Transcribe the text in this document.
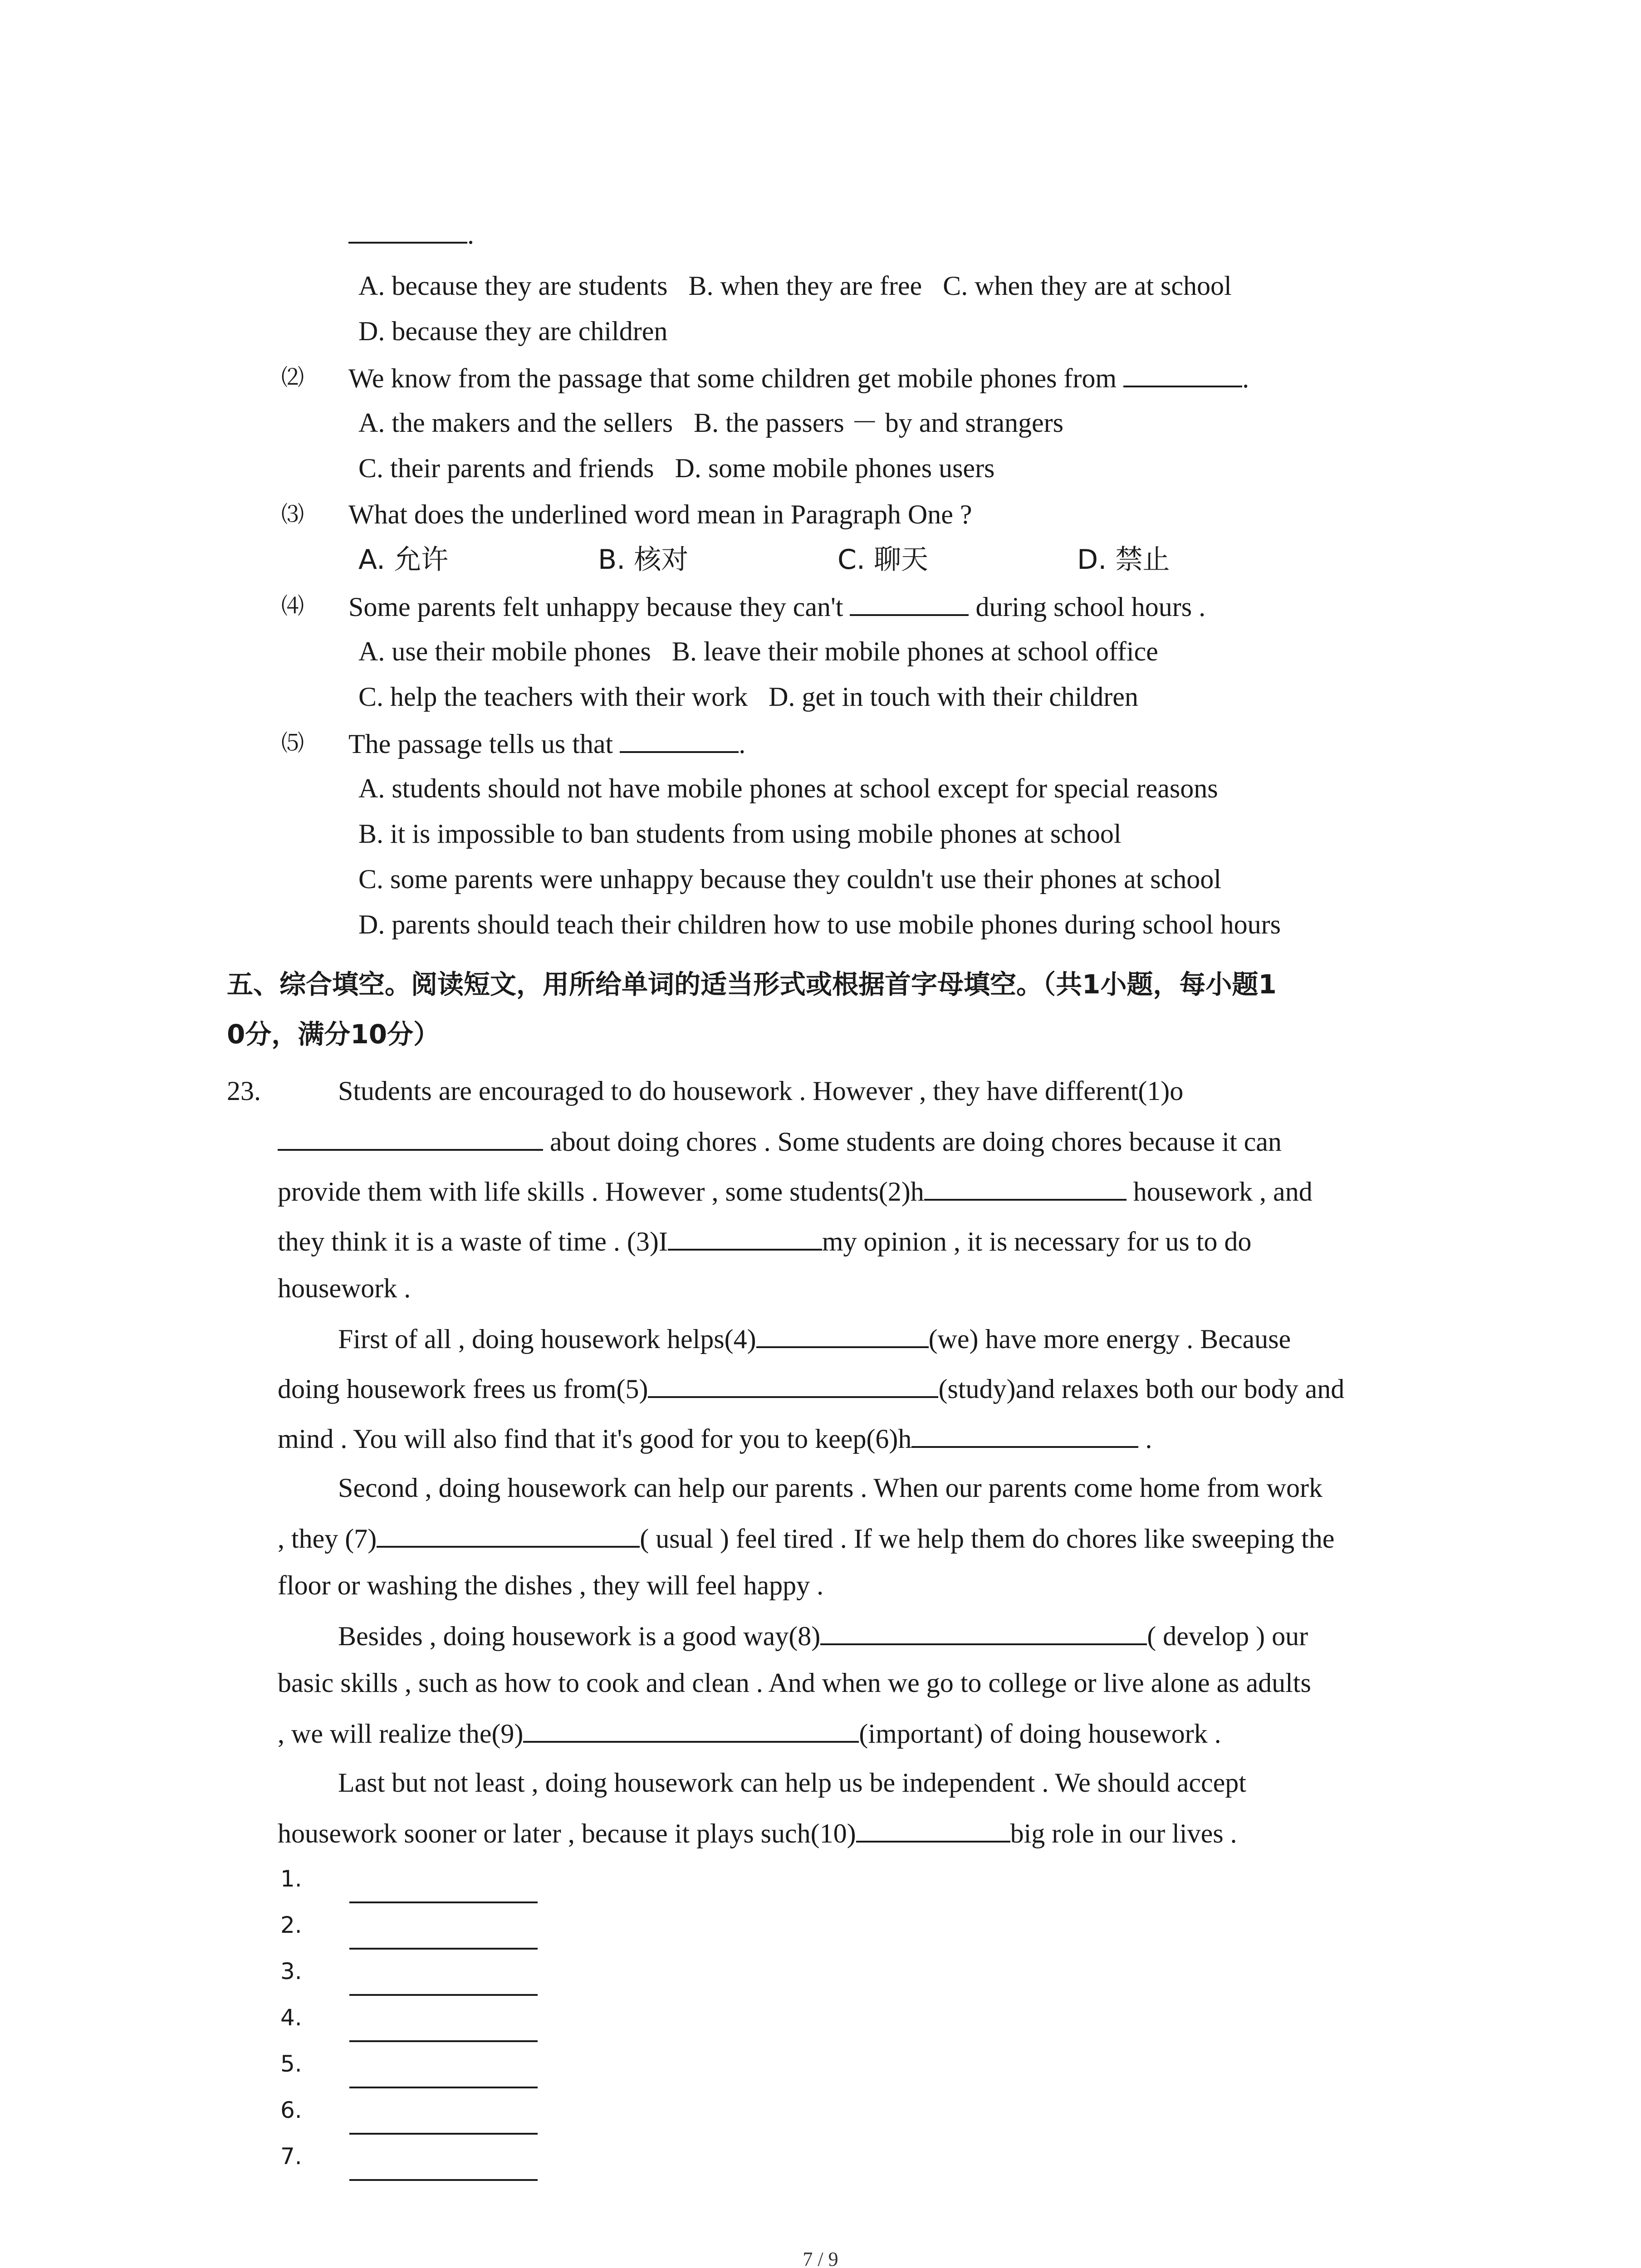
.
A. because they are students B. when they are free C. when they are at school
D. because they are children
⑵ We know from the passage that some children get mobile phones from	.
A. the makers and the sellers B. the passers － by and strangers
C. their parents and friends D. some mobile phones users
⑶ What does the underlined word mean in Paragraph One ?
A. 允许	B. 核对	C. 聊天	D. 禁止
⑷ Some parents felt unhappy because they can't	during school hours .
A. use their mobile phones B. leave their mobile phones at school office
C. help the teachers with their work D. get in touch with their children
⑸ The passage tells us that	.
A. students should not have mobile phones at school except for special reasons
B. it is impossible to ban students from using mobile phones at school
C. some parents were unhappy because they couldn't use their phones at school
D. parents should teach their children how to use mobile phones during school hours
五、综合填空。阅读短文，用所给单词的适当形式或根据首字母填空。（共1小题，每小题1
0分，满分10分）
23.	Students are encouraged to do housework . However , they have different(1)o
about doing chores . Some students are doing chores because it can
provide them with life skills . However , some students(2)h	housework , and
they think it is a waste of time . (3)I	my opinion , it is necessary for us to do
housework .
First of all , doing housework helps(4)	(we) have more energy . Because
doing housework frees us from(5)	(study)and relaxes both our body and
mind . You will also find that it's good for you to keep(6)h	.
Second , doing housework can help our parents . When our parents come home from work
, they (7)	( usual ) feel tired . If we help them do chores like sweeping the
floor or washing the dishes , they will feel happy .
Besides , doing housework is a good way(8)	( develop ) our
basic skills , such as how to cook and clean . And when we go to college or live alone as adults
, we will realize the(9)	(important) of doing housework .
Last but not least , doing housework can help us be independent . We should accept
housework sooner or later , because it plays such(10)	big role in our lives .
1.
2.
3.
4.
5.
6.
7.
7 / 9
